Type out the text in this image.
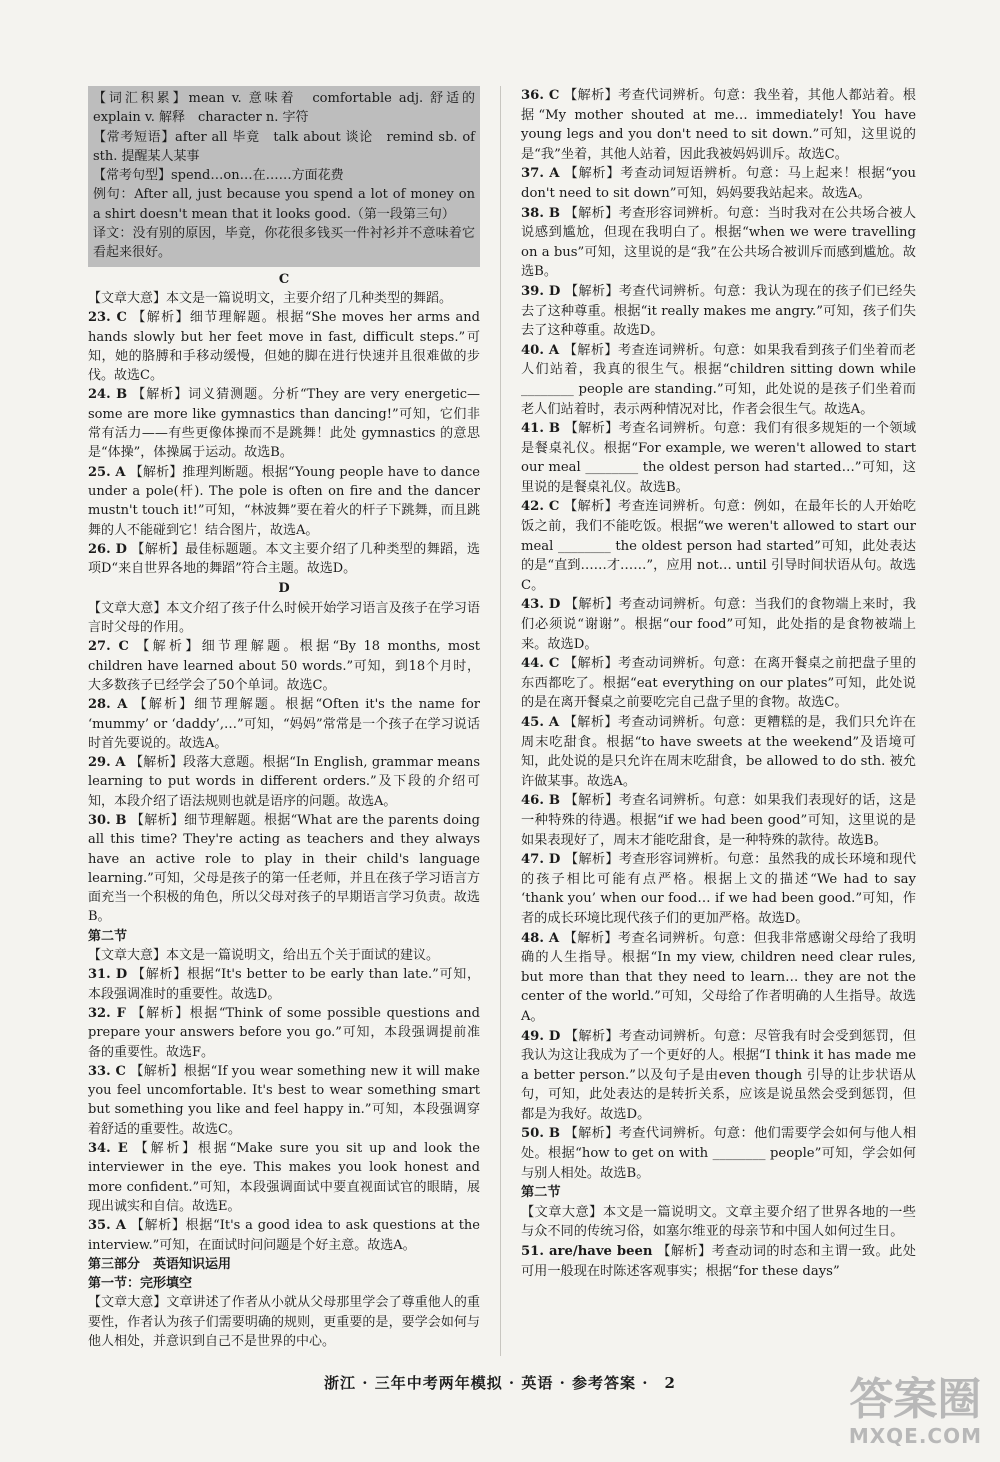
【词汇积累】mean v. 意味着　comfortable adj. 舒适的　explain v. 解释　character n. 字符

【常考短语】after all 毕竟　talk about 谈论　remind sb. of sth. 提醒某人某事

【常考句型】spend…on…在……方面花费

例句：After all, just because you spend a lot of money on a shirt doesn't mean that it looks good.（第一段第三句）

译文：没有别的原因，毕竟，你花很多钱买一件衬衫并不意味着它看起来很好。

C

【文章大意】本文是一篇说明文，主要介绍了几种类型的舞蹈。

23. C 【解析】细节理解题。根据“She moves her arms and hands slowly but her feet move in fast, difficult steps.”可知，她的胳膊和手移动缓慢，但她的脚在进行快速并且很难做的步伐。故选C。

24. B 【解析】词义猜测题。分析“They are very energetic—some are more like gymnastics than dancing!”可知，它们非常有活力——有些更像体操而不是跳舞！此处 gymnastics 的意思是“体操”，体操属于运动。故选B。

25. A 【解析】推理判断题。根据“Young people have to dance under a pole(杆). The pole is often on fire and the dancer mustn't touch it!”可知，“林波舞”要在着火的杆子下跳舞，而且跳舞的人不能碰到它！结合图片，故选A。

26. D 【解析】最佳标题题。本文主要介绍了几种类型的舞蹈，选项D“来自世界各地的舞蹈”符合主题。故选D。

D

【文章大意】本文介绍了孩子什么时候开始学习语言及孩子在学习语言时父母的作用。

27. C 【解析】细节理解题。根据“By 18 months, most children have learned about 50 words.”可知，到18个月时，大多数孩子已经学会了50个单词。故选C。

28. A 【解析】细节理解题。根据“Often it's the name for ‘mummy’ or ‘daddy’,…”可知，“妈妈”常常是一个孩子在学习说话时首先要说的。故选A。

29. A 【解析】段落大意题。根据“In English, grammar means learning to put words in different orders.”及下段的介绍可知，本段介绍了语法规则也就是语序的问题。故选A。

30. B 【解析】细节理解题。根据“What are the parents doing all this time? They're acting as teachers and they always have an active role to play in their child's language learning.”可知，父母是孩子的第一任老师，并且在孩子学习语言方面充当一个积极的角色，所以父母对孩子的早期语言学习负责。故选B。

第二节

【文章大意】本文是一篇说明文，给出五个关于面试的建议。

31. D 【解析】根据“It's better to be early than late.”可知，本段强调准时的重要性。故选D。

32. F 【解析】根据“Think of some possible questions and prepare your answers before you go.”可知，本段强调提前准备的重要性。故选F。

33. C 【解析】根据“If you wear something new it will make you feel uncomfortable. It's best to wear something smart but something you like and feel happy in.”可知，本段强调穿着舒适的重要性。故选C。

34. E 【解析】根据“Make sure you sit up and look the interviewer in the eye. This makes you look honest and more confident.”可知，本段强调面试中要直视面试官的眼睛，展现出诚实和自信。故选E。

35. A 【解析】根据“It's a good idea to ask questions at the interview.”可知，在面试时问问题是个好主意。故选A。

第三部分　英语知识运用

第一节：完形填空

【文章大意】文章讲述了作者从小就从父母那里学会了尊重他人的重要性，作者认为孩子们需要明确的规则，更重要的是，要学会如何与他人相处，并意识到自己不是世界的中心。

36. C 【解析】考查代词辨析。句意：我坐着，其他人都站着。根据“My mother shouted at me… immediately! You have young legs and you don't need to sit down.”可知，这里说的是“我”坐着，其他人站着，因此我被妈妈训斥。故选C。

37. A 【解析】考查动词短语辨析。句意：马上起来！根据“you don't need to sit down”可知，妈妈要我站起来。故选A。

38. B 【解析】考查形容词辨析。句意：当时我对在公共场合被人说感到尴尬，但现在我明白了。根据“when we were travelling on a bus”可知，这里说的是“我”在公共场合被训斥而感到尴尬。故选B。

39. D 【解析】考查代词辨析。句意：我认为现在的孩子们已经失去了这种尊重。根据“it really makes me angry.”可知，孩子们失去了这种尊重。故选D。

40. A 【解析】考查连词辨析。句意：如果我看到孩子们坐着而老人们站着，我真的很生气。根据“children sitting down while ________ people are standing.”可知，此处说的是孩子们坐着而老人们站着时，表示两种情况对比，作者会很生气。故选A。

41. B 【解析】考查名词辨析。句意：我们有很多规矩的一个领域是餐桌礼仪。根据“For example, we weren't allowed to start our meal ________ the oldest person had started…”可知，这里说的是餐桌礼仪。故选B。

42. C 【解析】考查连词辨析。句意：例如，在最年长的人开始吃饭之前，我们不能吃饭。根据“we weren't allowed to start our meal ________ the oldest person had started”可知，此处表达的是“直到……才……”，应用 not… until 引导时间状语从句。故选C。

43. D 【解析】考查动词辨析。句意：当我们的食物端上来时，我们必须说“谢谢”。根据“our food”可知，此处指的是食物被端上来。故选D。

44. C 【解析】考查动词辨析。句意：在离开餐桌之前把盘子里的东西都吃了。根据“eat everything on our plates”可知，此处说的是在离开餐桌之前要吃完自己盘子里的食物。故选C。

45. A 【解析】考查动词辨析。句意：更糟糕的是，我们只允许在周末吃甜食。根据“to have sweets at the weekend”及语境可知，此处说的是只允许在周末吃甜食，be allowed to do sth. 被允许做某事。故选A。

46. B 【解析】考查名词辨析。句意：如果我们表现好的话，这是一种特殊的待遇。根据“if we had been good”可知，这里说的是如果表现好了，周末才能吃甜食，是一种特殊的款待。故选B。

47. D 【解析】考查形容词辨析。句意：虽然我的成长环境和现代的孩子相比可能有点严格。根据上文的描述“We had to say ‘thank you’ when our food… if we had been good.”可知，作者的成长环境比现代孩子们的更加严格。故选D。

48. A 【解析】考查名词辨析。句意：但我非常感谢父母给了我明确的人生指导。根据“In my view, children need clear rules, but more than that they need to learn… they are not the center of the world.”可知，父母给了作者明确的人生指导。故选A。

49. D 【解析】考查动词辨析。句意：尽管我有时会受到惩罚，但我认为这让我成为了一个更好的人。根据“I think it has made me a better person.”以及句子是由even though 引导的让步状语从句，可知，此处表达的是转折关系，应该是说虽然会受到惩罚，但都是为我好。故选D。

50. B 【解析】考查代词辨析。句意：他们需要学会如何与他人相处。根据“how to get on with ________ people”可知，学会如何与别人相处。故选B。

第二节

【文章大意】本文是一篇说明文。文章主要介绍了世界各地的一些与众不同的传统习俗，如塞尔维亚的母亲节和中国人如何过生日。

51. are/have been 【解析】考查动词的时态和主谓一致。此处可用一般现在时陈述客观事实；根据“for these days”

浙江 · 三年中考两年模拟 · 英语 · 参考答案 ·　2	答案圈
MXQE.COM
